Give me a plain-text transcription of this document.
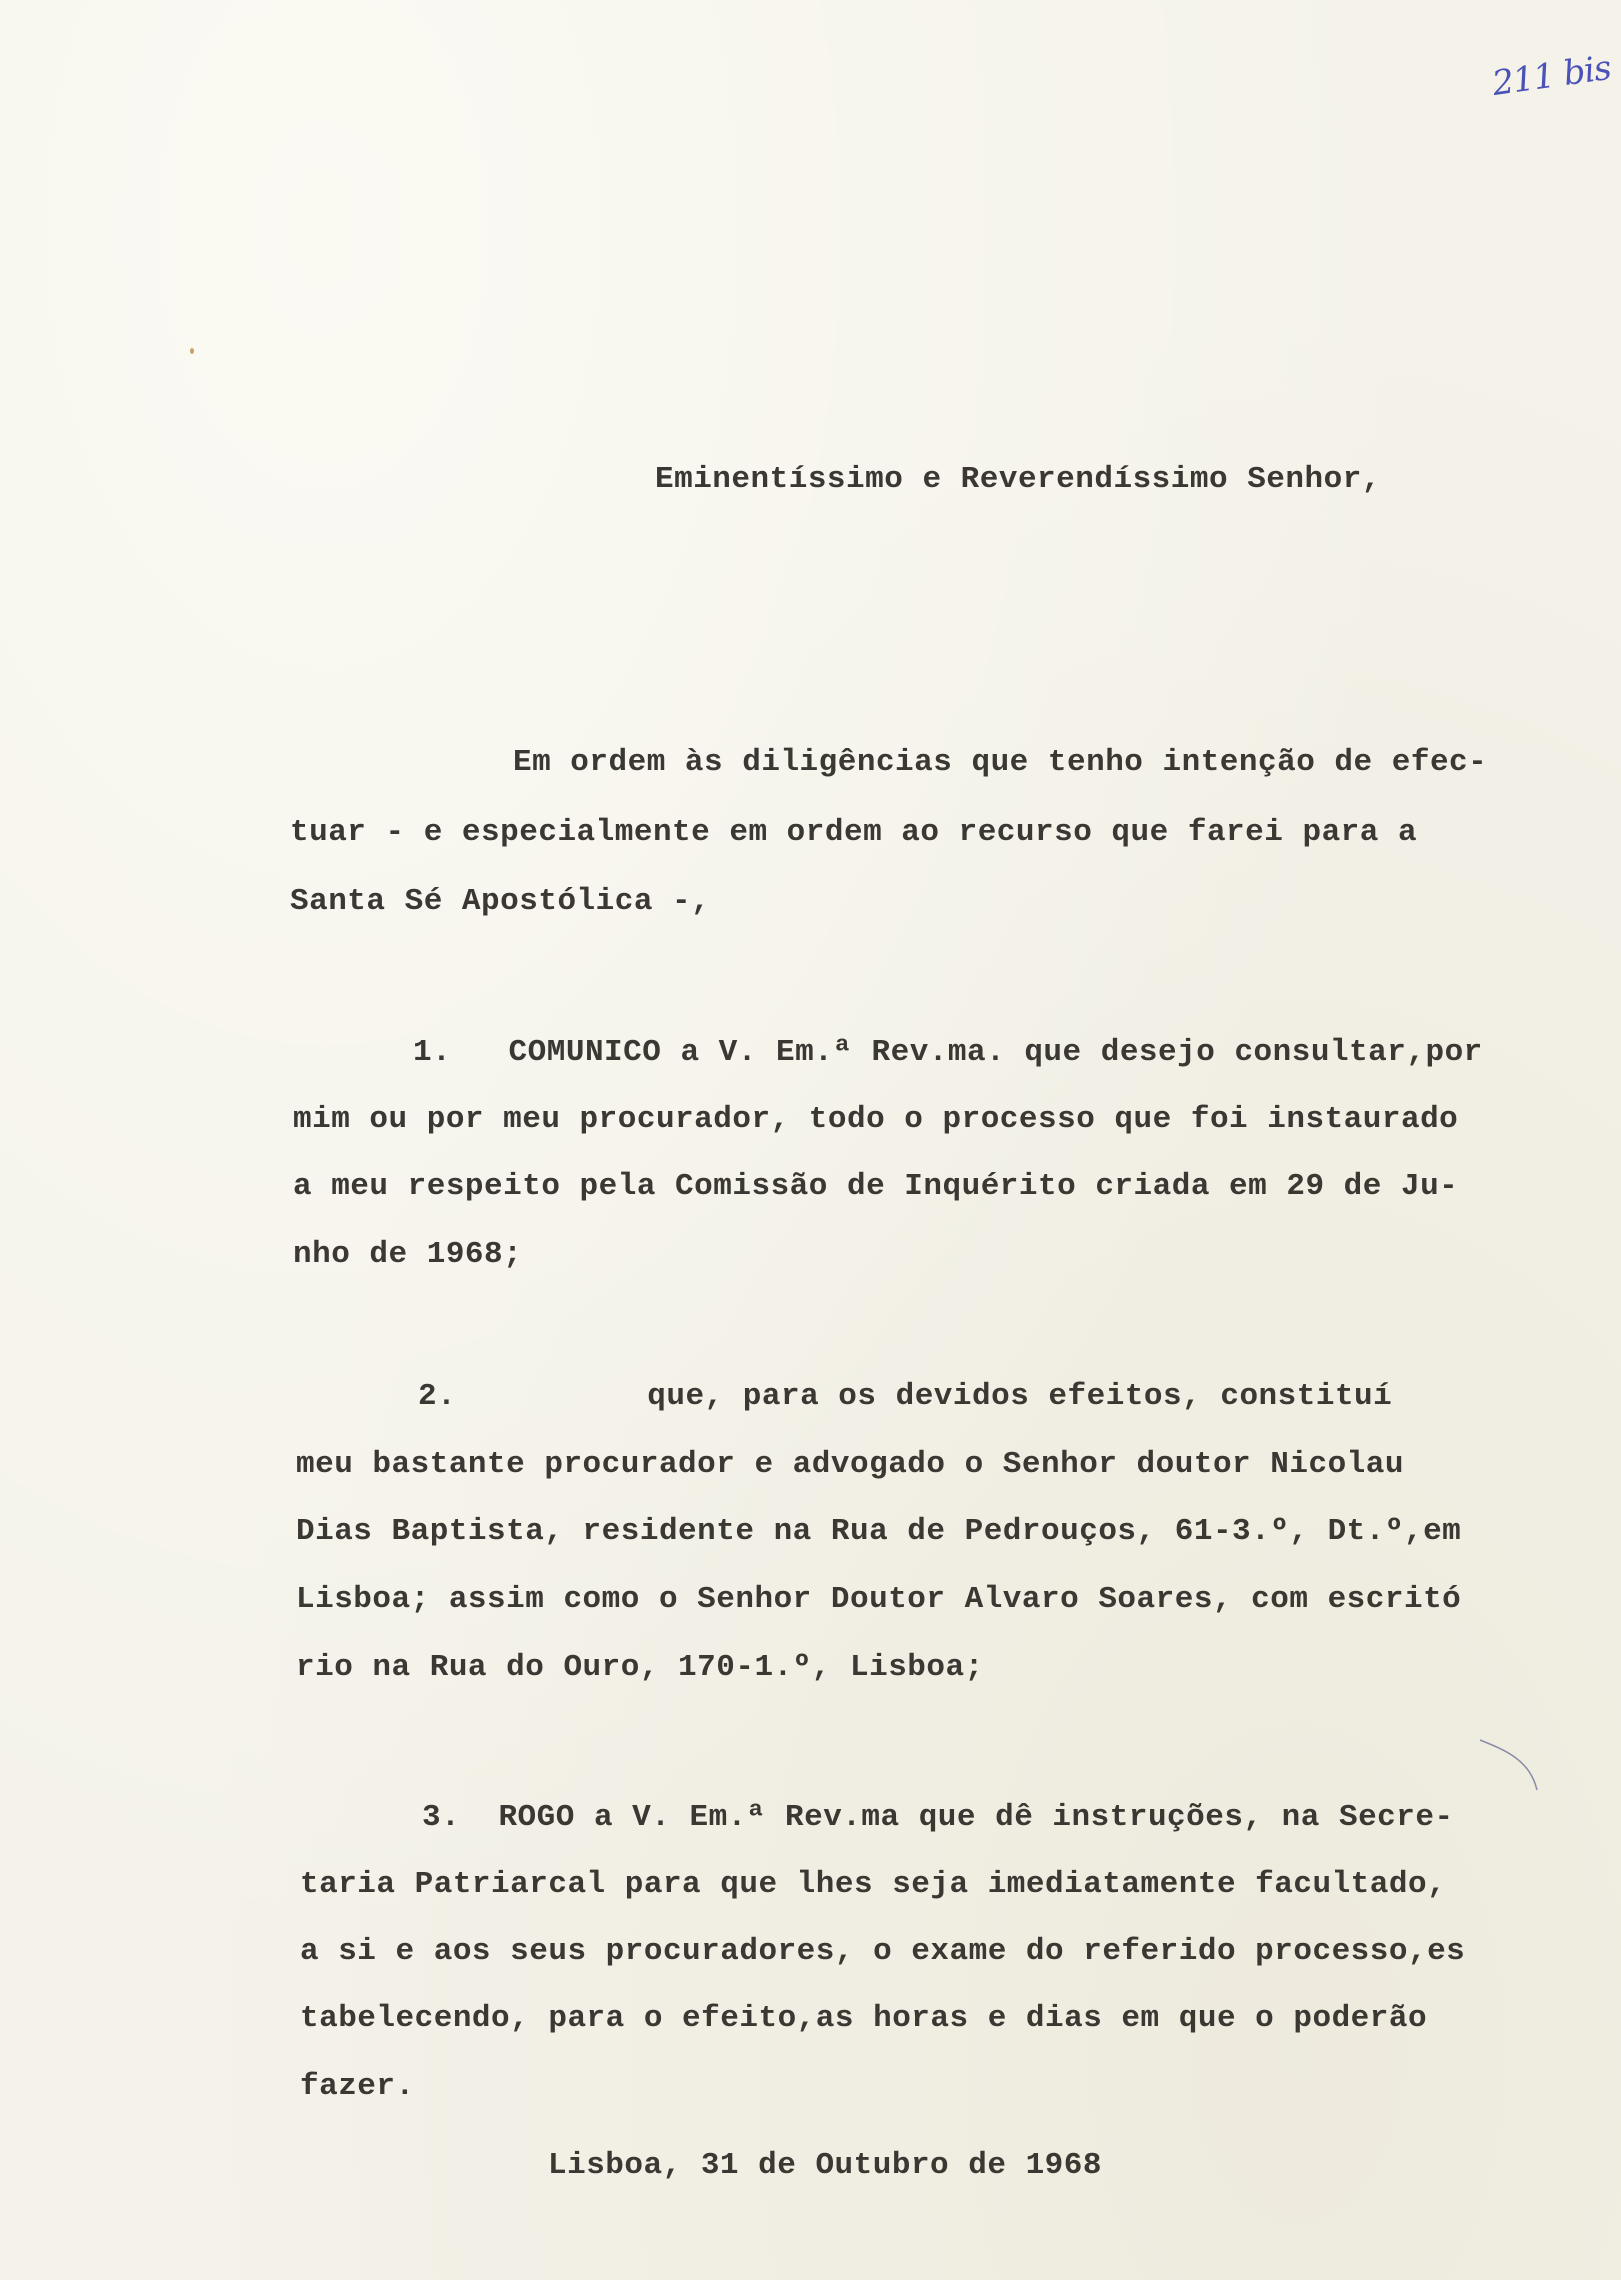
211 bis
Eminentíssimo e Reverendíssimo Senhor,
Em ordem às diligências que tenho intenção de efec-
tuar - e especialmente em ordem ao recurso que farei para a
Santa Sé Apostólica -,
1. COMUNICO a V. Em.ª Rev.ma. que desejo consultar,por
mim ou por meu procurador, todo o processo que foi instaurado
a meu respeito pela Comissão de Inquérito criada em 29 de Ju-
nho de 1968;
2.	que, para os devidos efeitos, constituí
meu bastante procurador e advogado o Senhor doutor Nicolau
Dias Baptista, residente na Rua de Pedrouços, 61-3.º, Dt.º,em
Lisboa; assim como o Senhor Doutor Alvaro Soares, com escritó
rio na Rua do Ouro, 170-1.º, Lisboa;
3. ROGO a V. Em.ª Rev.ma que dê instruções, na Secre-
taria Patriarcal para que lhes seja imediatamente facultado,
a si e aos seus procuradores, o exame do referido processo,es
tabelecendo, para o efeito,as horas e dias em que o poderão
fazer.
Lisboa, 31 de Outubro de 1968
